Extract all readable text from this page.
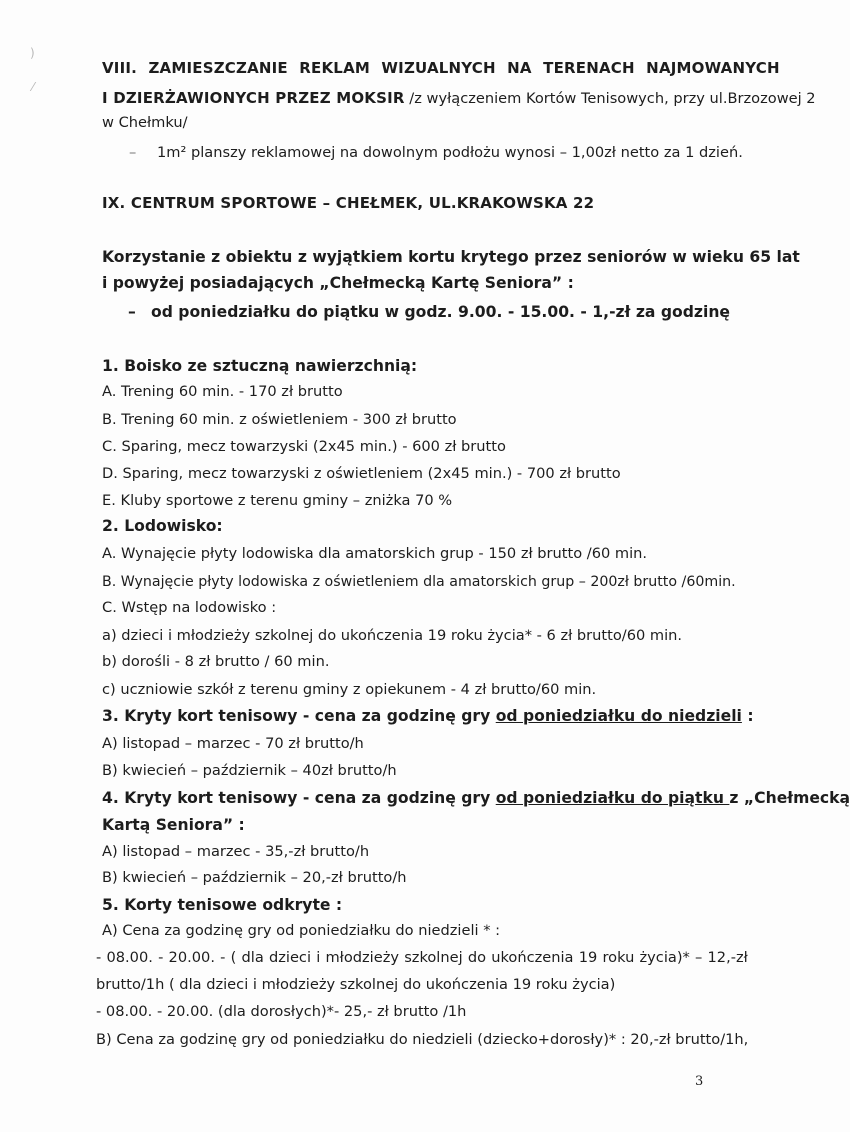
)
⁄
VIII. ZAMIESZCZANIE REKLAM WIZUALNYCH NA TERENACH NAJMOWANYCH
I DZIERŻAWIONYCH PRZEZ MOKSIR /z wyłączeniem Kortów Tenisowych, przy ul.Brzozowej 2
w Chełmku/
– 1m² planszy reklamowej na dowolnym podłożu wynosi – 1,00zł netto za 1 dzień.
IX. CENTRUM SPORTOWE – CHEŁMEK, UL.KRAKOWSKA 22
Korzystanie z obiektu z wyjątkiem kortu krytego przez seniorów w wieku 65 lat
i powyżej posiadających „Chełmecką Kartę Seniora” :
– od poniedziałku do piątku w godz. 9.00. - 15.00. - 1,-zł za godzinę
1. Boisko ze sztuczną nawierzchnią:
A. Trening 60 min. - 170 zł brutto
B. Trening 60 min. z oświetleniem - 300 zł brutto
C. Sparing, mecz towarzyski (2x45 min.) - 600 zł brutto
D. Sparing, mecz towarzyski z oświetleniem (2x45 min.) - 700 zł brutto
E. Kluby sportowe z terenu gminy – zniżka 70 %
2. Lodowisko:
A. Wynajęcie płyty lodowiska dla amatorskich grup - 150 zł brutto /60 min.
B. Wynajęcie płyty lodowiska z oświetleniem dla amatorskich grup – 200zł brutto /60min.
C. Wstęp na lodowisko :
a) dzieci i młodzieży szkolnej do ukończenia 19 roku życia* - 6 zł brutto/60 min.
b) dorośli - 8 zł brutto / 60 min.
c) uczniowie szkół z terenu gminy z opiekunem - 4 zł brutto/60 min.
3. Kryty kort tenisowy - cena za godzinę gry od poniedziałku do niedzieli :
A) listopad – marzec - 70 zł brutto/h
B) kwiecień – październik – 40zł brutto/h
4. Kryty kort tenisowy - cena za godzinę gry od poniedziałku do piątku z „Chełmecką
Kartą Seniora” :
A) listopad – marzec - 35,-zł brutto/h
B) kwiecień – październik – 20,-zł brutto/h
5. Korty tenisowe odkryte :
A) Cena za godzinę gry od poniedziałku do niedzieli * :
- 08.00. - 20.00. - ( dla dzieci i młodzieży szkolnej do ukończenia 19 roku życia)* – 12,-zł
brutto/1h ( dla dzieci i młodzieży szkolnej do ukończenia 19 roku życia)
- 08.00. - 20.00. (dla dorosłych)*- 25,- zł brutto /1h
B) Cena za godzinę gry od poniedziałku do niedzieli (dziecko+dorosły)* : 20,-zł brutto/1h,
3
